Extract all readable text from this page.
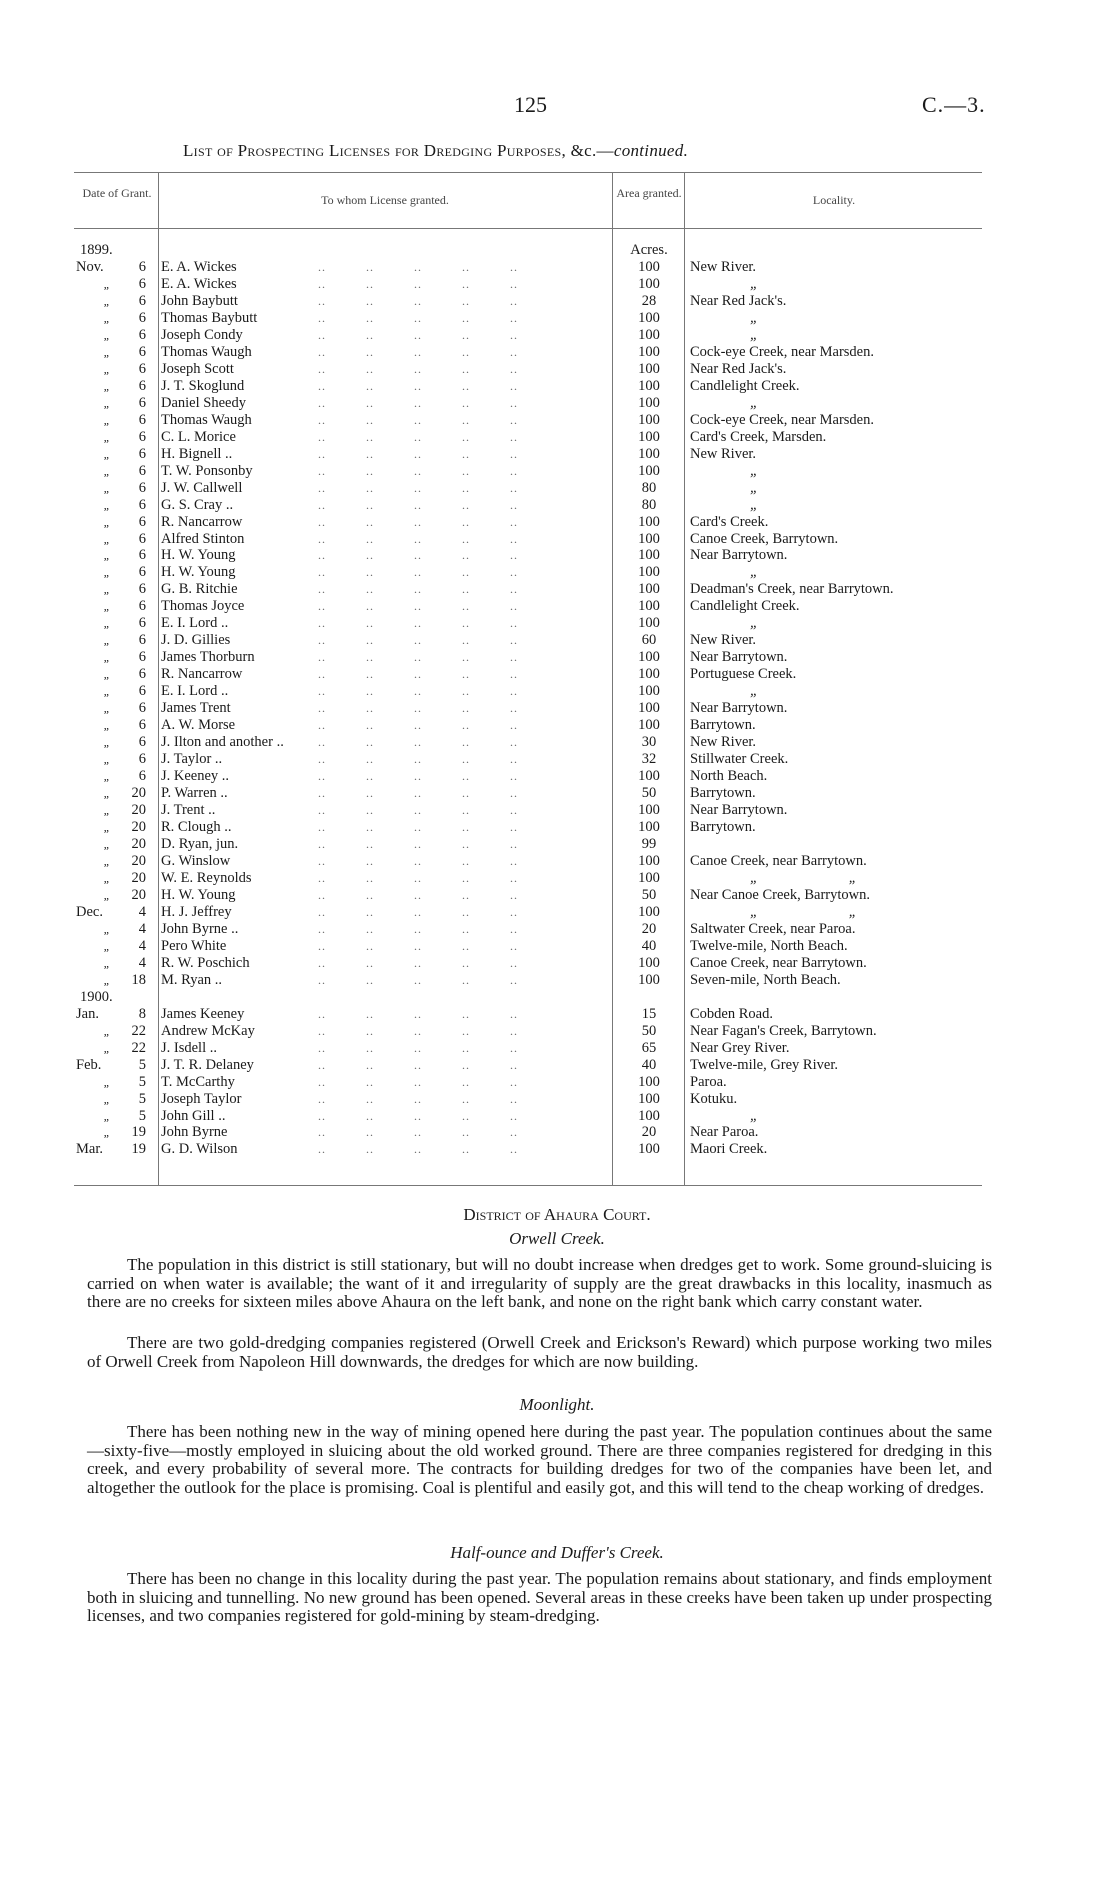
125	C.—3.
List of Prospecting Licenses for Dredging Purposes, &c.—continued.
Date of Grant.	To whom License granted.	Area granted.	Locality.
1899.	Acres.
Nov.	6 E. A. Wickes	..          ..          ..          ..          ..	100	New River.
„	6 E. A. Wickes	..          ..          ..          ..          ..	100	„
„	6 John Baybutt	..          ..          ..          ..          ..	28	Near Red Jack's.
„	6 Thomas Baybutt	..          ..          ..          ..          ..	100	„
„	6 Joseph Condy	..          ..          ..          ..          ..	100	„
„	6 Thomas Waugh	..          ..          ..          ..          ..	100	Cock-eye Creek, near Marsden.
„	6 Joseph Scott	..          ..          ..          ..          ..	100	Near Red Jack's.
„	6 J. T. Skoglund	..          ..          ..          ..          ..	100	Candlelight Creek.
„	6 Daniel Sheedy	..          ..          ..          ..          ..	100	„
„	6 Thomas Waugh	..          ..          ..          ..          ..	100	Cock-eye Creek, near Marsden.
„	6 C. L. Morice	..          ..          ..          ..          ..	100	Card's Creek, Marsden.
„	6 H. Bignell ..	..          ..          ..          ..          ..	100	New River.
„	6 T. W. Ponsonby	..          ..          ..          ..          ..	100	„
„	6 J. W. Callwell	..          ..          ..          ..          ..	80	„
„	6 G. S. Cray ..	..          ..          ..          ..          ..	80	„
„	6 R. Nancarrow	..          ..          ..          ..          ..	100	Card's Creek.
„	6 Alfred Stinton	..          ..          ..          ..          ..	100	Canoe Creek, Barrytown.
„	6 H. W. Young	..          ..          ..          ..          ..	100	Near Barrytown.
„	6 H. W. Young	..          ..          ..          ..          ..	100	„
„	6 G. B. Ritchie	..          ..          ..          ..          ..	100	Deadman's Creek, near Barrytown.
„	6 Thomas Joyce	..          ..          ..          ..          ..	100	Candlelight Creek.
„	6 E. I. Lord ..	..          ..          ..          ..          ..	100	„
„	6 J. D. Gillies	..          ..          ..          ..          ..	60	New River.
„	6 James Thorburn	..          ..          ..          ..          ..	100	Near Barrytown.
„	6 R. Nancarrow	..          ..          ..          ..          ..	100	Portuguese Creek.
„	6 E. I. Lord ..	..          ..          ..          ..          ..	100	„
„	6 James Trent	..          ..          ..          ..          ..	100	Near Barrytown.
„	6 A. W. Morse	..          ..          ..          ..          ..	100	Barrytown.
„	6 J. Ilton and another ..	..          ..          ..          ..          ..	30	New River.
„	6 J. Taylor ..	..          ..          ..          ..          ..	32	Stillwater Creek.
„	6 J. Keeney ..	..          ..          ..          ..          ..	100	North Beach.
„	20 P. Warren ..	..          ..          ..          ..          ..	50	Barrytown.
„	20 J. Trent ..	..          ..          ..          ..          ..	100	Near Barrytown.
„	20 R. Clough ..	..          ..          ..          ..          ..	100	Barrytown.
„	20 D. Ryan, jun.	..          ..          ..          ..          ..	99
„	20 G. Winslow	..          ..          ..          ..          ..	100	Canoe Creek, near Barrytown.
„	20 W. E. Reynolds	..          ..          ..          ..          ..	100	„                         „
„	20 H. W. Young	..          ..          ..          ..          ..	50	Near Canoe Creek, Barrytown.
Dec.	4 H. J. Jeffrey	..          ..          ..          ..          ..	100	„                         „
„	4 John Byrne ..	..          ..          ..          ..          ..	20	Saltwater Creek, near Paroa.
„	4 Pero White	..          ..          ..          ..          ..	40	Twelve-mile, North Beach.
„	4 R. W. Poschich	..          ..          ..          ..          ..	100	Canoe Creek, near Barrytown.
„	18 M. Ryan ..	..          ..          ..          ..          ..	100	Seven-mile, North Beach.
1900.
Jan.	8 James Keeney	..          ..          ..          ..          ..	15	Cobden Road.
„	22 Andrew McKay	..          ..          ..          ..          ..	50	Near Fagan's Creek, Barrytown.
„	22 J. Isdell ..	..          ..          ..          ..          ..	65	Near Grey River.
Feb.	5 J. T. R. Delaney	..          ..          ..          ..          ..	40	Twelve-mile, Grey River.
„	5 T. McCarthy	..          ..          ..          ..          ..	100	Paroa.
„	5 Joseph Taylor	..          ..          ..          ..          ..	100	Kotuku.
„	5 John Gill ..	..          ..          ..          ..          ..	100	„
„	19 John Byrne	..          ..          ..          ..          ..	20	Near Paroa.
Mar.	19 G. D. Wilson	..          ..          ..          ..          ..	100	Maori Creek.
District of Ahaura Court.
Orwell Creek.
The population in this district is still stationary, but will no doubt increase when dredges get to work. Some ground-sluicing is carried on when water is available; the want of it and irregularity of supply are the great drawbacks in this locality, inasmuch as there are no creeks for sixteen miles above Ahaura on the left bank, and none on the right bank which carry constant water.
There are two gold-dredging companies registered (Orwell Creek and Erickson's Reward) which purpose working two miles of Orwell Creek from Napoleon Hill downwards, the dredges for which are now building.
Moonlight.
There has been nothing new in the way of mining opened here during the past year. The population continues about the same—sixty-five—mostly employed in sluicing about the old worked ground. There are three companies registered for dredging in this creek, and every probability of several more. The contracts for building dredges for two of the companies have been let, and altogether the outlook for the place is promising. Coal is plentiful and easily got, and this will tend to the cheap working of dredges.
Half-ounce and Duffer's Creek.
There has been no change in this locality during the past year. The population remains about stationary, and finds employment both in sluicing and tunnelling. No new ground has been opened. Several areas in these creeks have been taken up under prospecting licenses, and two companies registered for gold-mining by steam-dredging.
